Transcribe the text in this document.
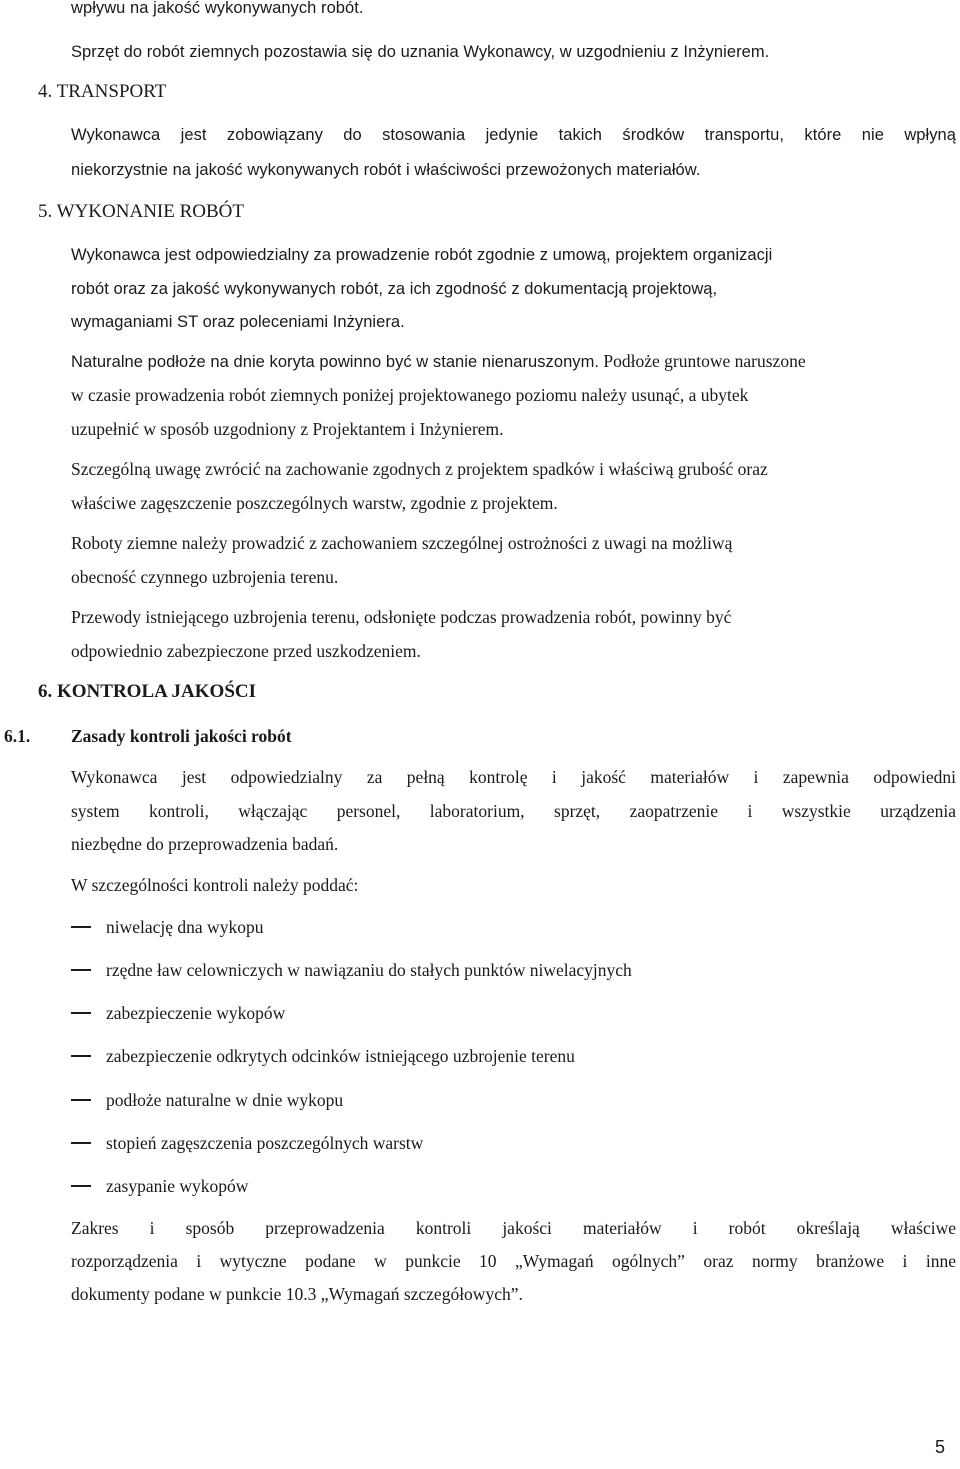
wpływu na jakość wykonywanych robót.
Sprzęt do robót ziemnych pozostawia się do uznania Wykonawcy, w uzgodnieniu z Inżynierem.
4. TRANSPORT
Wykonawca jest zobowiązany do stosowania jedynie takich środków transportu, które nie wpłyną
niekorzystnie na jakość wykonywanych robót i właściwości przewożonych materiałów.
5. WYKONANIE ROBÓT
Wykonawca jest odpowiedzialny za prowadzenie robót zgodnie z umową, projektem organizacji
robót oraz za jakość wykonywanych robót, za ich zgodność z dokumentacją projektową,
wymaganiami ST oraz poleceniami Inżyniera.
Naturalne podłoże na dnie koryta powinno być w stanie nienaruszonym. Podłoże gruntowe naruszone
w czasie prowadzenia robót ziemnych poniżej projektowanego poziomu należy usunąć, a ubytek
uzupełnić w sposób uzgodniony z Projektantem i Inżynierem.
Szczególną uwagę zwrócić na zachowanie zgodnych z projektem spadków i właściwą grubość oraz
właściwe zagęszczenie poszczególnych warstw, zgodnie z projektem.
Roboty ziemne należy prowadzić z zachowaniem szczególnej ostrożności z uwagi na możliwą
obecność czynnego uzbrojenia terenu.
Przewody istniejącego uzbrojenia terenu, odsłonięte podczas prowadzenia robót, powinny być
odpowiednio zabezpieczone przed uszkodzeniem.
6. KONTROLA JAKOŚCI
6.1. Zasady kontroli jakości robót
Wykonawca jest odpowiedzialny za pełną kontrolę i jakość materiałów i zapewnia odpowiedni
system kontroli, włączając personel, laboratorium, sprzęt, zaopatrzenie i wszystkie urządzenia
niezbędne do przeprowadzenia badań.
W szczególności kontroli należy poddać:
niwelację dna wykopu
rzędne ław celowniczych w nawiązaniu do stałych punktów niwelacyjnych
zabezpieczenie wykopów
zabezpieczenie odkrytych odcinków istniejącego uzbrojenie terenu
podłoże naturalne w dnie wykopu
stopień zagęszczenia poszczególnych warstw
zasypanie wykopów
Zakres i sposób przeprowadzenia kontroli jakości materiałów i robót określają właściwe
rozporządzenia i wytyczne podane w punkcie 10 „Wymagań ogólnych” oraz normy branżowe i inne
dokumenty podane w punkcie 10.3 „Wymagań szczegółowych”.
5
